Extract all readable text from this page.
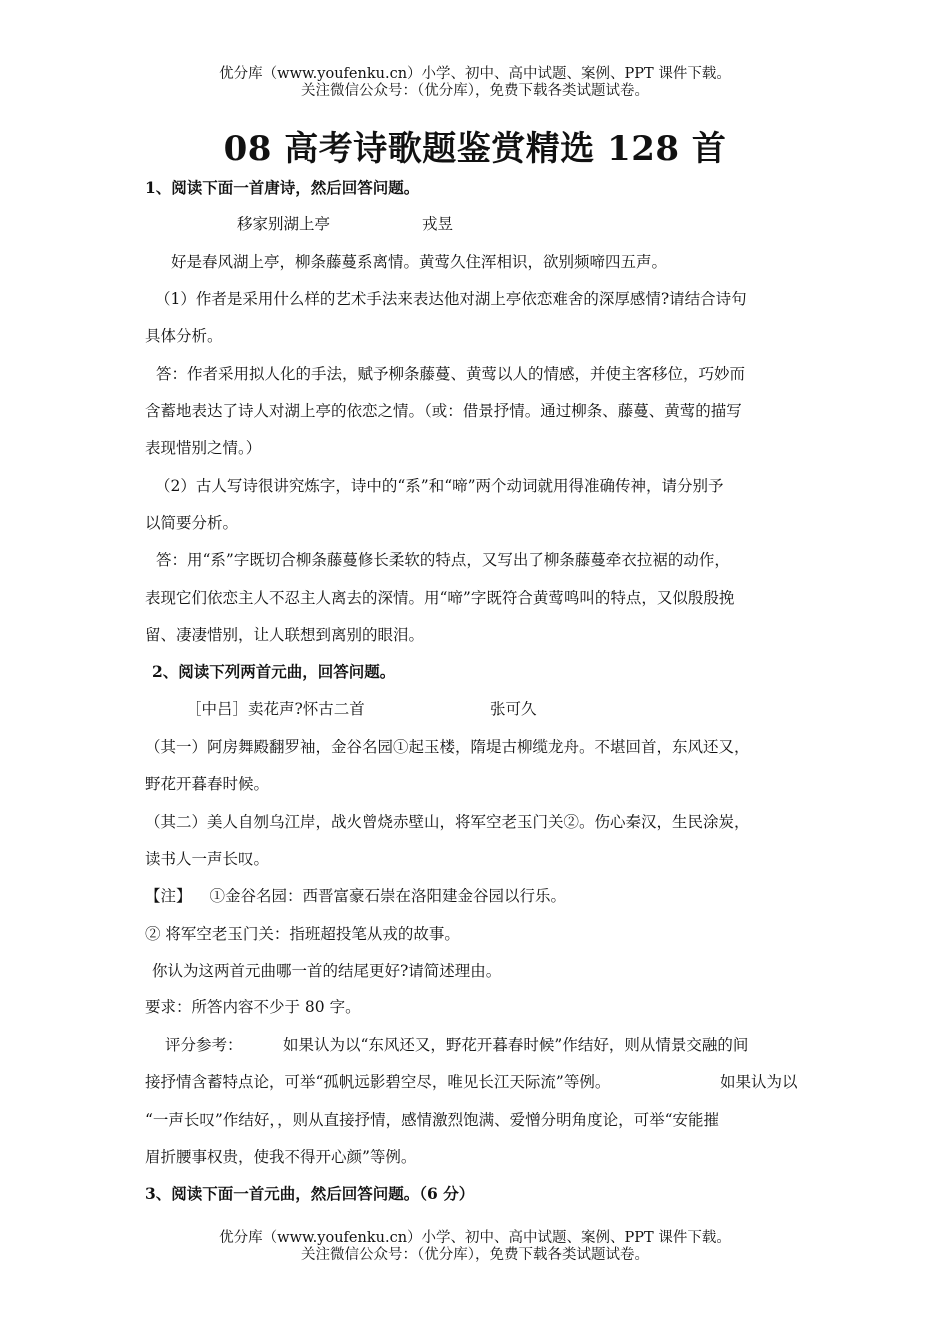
优分库（www.youfenku.cn）小学、初中、高中试题、案例、PPT 课件下载。
关注微信公众号：（优分库），免费下载各类试题试卷。
08 高考诗歌题鉴赏精选 128 首
1、阅读下面一首唐诗，然后回答问题。
移家别湖上亭	戎昱
好是春风湖上亭，柳条藤蔓系离情。黄莺久住浑相识，欲别频啼四五声。
（1）作者是采用什么样的艺术手法来表达他对湖上亭依恋难舍的深厚感情?请结合诗句
具体分析。
答：作者采用拟人化的手法，赋予柳条藤蔓、黄莺以人的情感，并使主客移位，巧妙而
含蓄地表达了诗人对湖上亭的依恋之情。（或：借景抒情。通过柳条、藤蔓、黄莺的描写
表现惜别之情。）
（2）古人写诗很讲究炼字，诗中的“系”和“啼”两个动词就用得准确传神，请分别予
以简要分析。
答：用“系”字既切合柳条藤蔓修长柔软的特点，又写出了柳条藤蔓牵衣拉裾的动作，
表现它们依恋主人不忍主人离去的深情。用“啼”字既符合黄莺鸣叫的特点，又似殷殷挽
留、凄凄惜别，让人联想到离别的眼泪。
2、阅读下列两首元曲，回答问题。
［中吕］卖花声?怀古二首	张可久
（其一）阿房舞殿翻罗袖，金谷名园①起玉楼，隋堤古柳缆龙舟。不堪回首，东风还又，
野花开暮春时候。
（其二）美人自刎乌江岸，战火曾烧赤壁山，将军空老玉门关②。伤心秦汉，生民涂炭，
读书人一声长叹。
【注】 ①金谷名园：西晋富豪石崇在洛阳建金谷园以行乐。
② 将军空老玉门关：指班超投笔从戎的故事。
你认为这两首元曲哪一首的结尾更好?请简述理由。
要求：所答内容不少于 80 字。
评分参考：	如果认为以“东风还又，野花开暮春时候”作结好，则从情景交融的间
接抒情含蓄特点论，可举“孤帆远影碧空尽，唯见长江天际流”等例。	如果认为以
“一声长叹”作结好，，则从直接抒情，感情激烈饱满、爱憎分明角度论，可举“安能摧
眉折腰事权贵，使我不得开心颜”等例。
3、阅读下面一首元曲，然后回答问题。（6 分）
优分库（www.youfenku.cn）小学、初中、高中试题、案例、PPT 课件下载。
关注微信公众号：（优分库），免费下载各类试题试卷。
